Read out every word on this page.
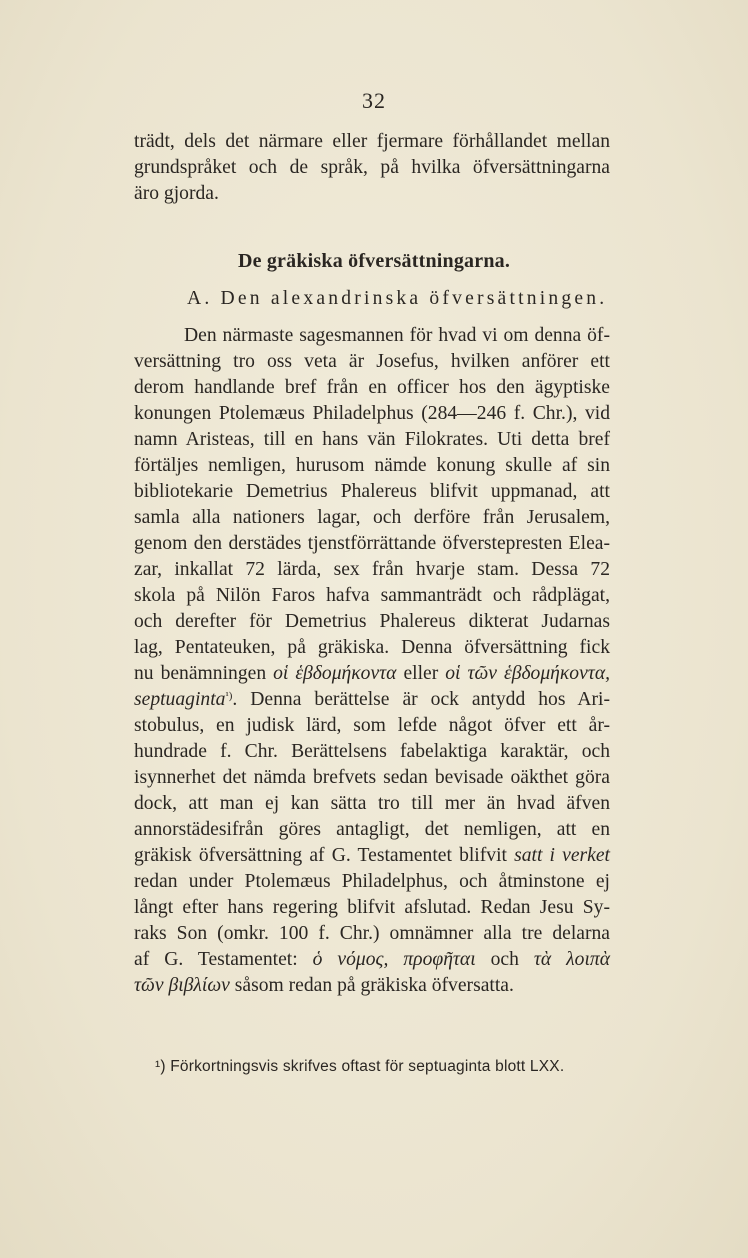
32
trädt, dels det närmare eller fjermare förhållandet mellan
grundspråket och de språk, på hvilka öfversättningarna
äro gjorda.
De gräkiska öfversättningarna.
A. Den alexandrinska öfversättningen.
Den närmaste sagesmannen för hvad vi om denna öf-
versättning tro oss veta är Josefus, hvilken anförer ett
derom handlande bref från en officer hos den ägyptiske
konungen Ptolemæus Philadelphus (284—246 f. Chr.), vid
namn Aristeas, till en hans vän Filokrates. Uti detta bref
förtäljes nemligen, hurusom nämde konung skulle af sin
bibliotekarie Demetrius Phalereus blifvit uppmanad, att
samla alla nationers lagar, och derföre från Jerusalem,
genom den derstädes tjenstförrättande öfverstepresten Elea-
zar, inkallat 72 lärda, sex från hvarje stam. Dessa 72
skola på Nilön Faros hafva sammanträdt och rådplägat,
och derefter för Demetrius Phalereus dikterat Judarnas
lag, Pentateuken, på gräkiska. Denna öfversättning fick
nu benämningen οἱ ἑβδομήκοντα eller οἱ τῶν ἑβδομήκοντα,
septuaginta$^{^1)}$. Denna berättelse är ock antydd hos Ari-
stobulus, en judisk lärd, som lefde något öfver ett år-
hundrade f. Chr. Berättelsens fabelaktiga karaktär, och
isynnerhet det nämda brefvets sedan bevisade oäkthet göra
dock, att man ej kan sätta tro till mer än hvad äfven
annorstädesifrån göres antagligt, det nemligen, att en
gräkisk öfversättning af G. Testamentet blifvit satt i verket
redan under Ptolemæus Philadelphus, och åtminstone ej
långt efter hans regering blifvit afslutad. Redan Jesu Sy-
raks Son (omkr. 100 f. Chr.) omnämner alla tre delarna
af G. Testamentet: ὁ νόμος, προφῆται och τὰ λοιπὰ
τῶν βιβλίων såsom redan på gräkiska öfversatta.
¹) Förkortningsvis skrifves oftast för septuaginta blott LXX.
